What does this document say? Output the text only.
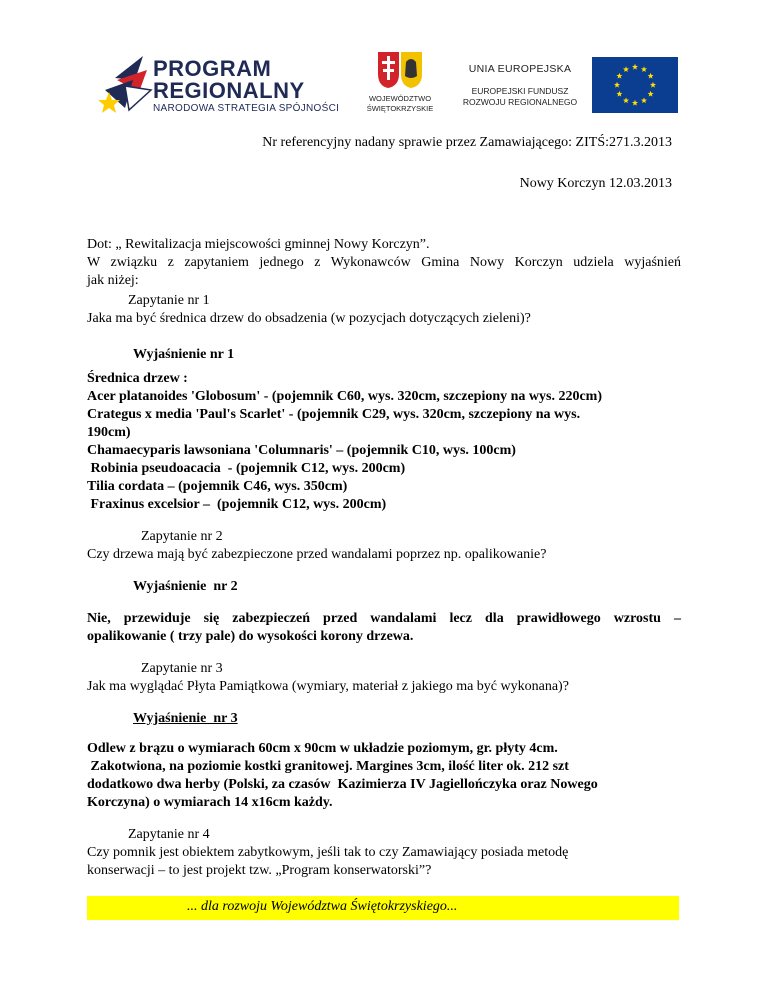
PROGRAM
REGIONALNY
NARODOWA STRATEGIA SPÓJNOŚCI
WOJEWÓDZTWO
ŚWIĘTOKRZYSKIE
UNIA EUROPEJSKA
EUROPEJSKI FUNDUSZ
ROZWOJU REGIONALNEGO
Nr referencyjny nadany sprawie przez Zamawiającego: ZITŚ:271.3.2013
Nowy Korczyn 12.03.2013
Dot: „ Rewitalizacja miejscowości gminnej Nowy Korczyn”.
W związku z zapytaniem jednego z Wykonawców Gmina Nowy Korczyn udziela wyjaśnień
jak niżej:
Zapytanie nr 1
Jaka ma być średnica drzew do obsadzenia (w pozycjach dotyczących zieleni)?
Wyjaśnienie nr 1
Średnica drzew :
Acer platanoides 'Globosum' - (pojemnik C60, wys. 320cm, szczepiony na wys. 220cm)
Crategus x media 'Paul's Scarlet' - (pojemnik C29, wys. 320cm, szczepiony na wys.
190cm)
Chamaecyparis lawsoniana 'Columnaris' – (pojemnik C10, wys. 100cm)
Robinia pseudoacacia  - (pojemnik C12, wys. 200cm)
Tilia cordata – (pojemnik C46, wys. 350cm)
Fraxinus excelsior –  (pojemnik C12, wys. 200cm)
Zapytanie nr 2
Czy drzewa mają być zabezpieczone przed wandalami poprzez np. opalikowanie?
Wyjaśnienie  nr 2
Nie, przewiduje się zabezpieczeń przed wandalami lecz dla prawidłowego wzrostu –
opalikowanie ( trzy pale) do wysokości korony drzewa.
Zapytanie nr 3
Jak ma wyglądać Płyta Pamiątkowa (wymiary, materiał z jakiego ma być wykonana)?
Wyjaśnienie  nr 3
Odlew z brązu o wymiarach 60cm x 90cm w układzie poziomym, gr. płyty 4cm.
Zakotwiona, na poziomie kostki granitowej. Margines 3cm, ilość liter ok. 212 szt
dodatkowo dwa herby (Polski, za czasów  Kazimierza IV Jagiellończyka oraz Nowego
Korczyna) o wymiarach 14 x16cm każdy.
Zapytanie nr 4
Czy pomnik jest obiektem zabytkowym, jeśli tak to czy Zamawiający posiada metodę
konserwacji – to jest projekt tzw. „Program konserwatorski”?
... dla rozwoju Województwa Świętokrzyskiego...
